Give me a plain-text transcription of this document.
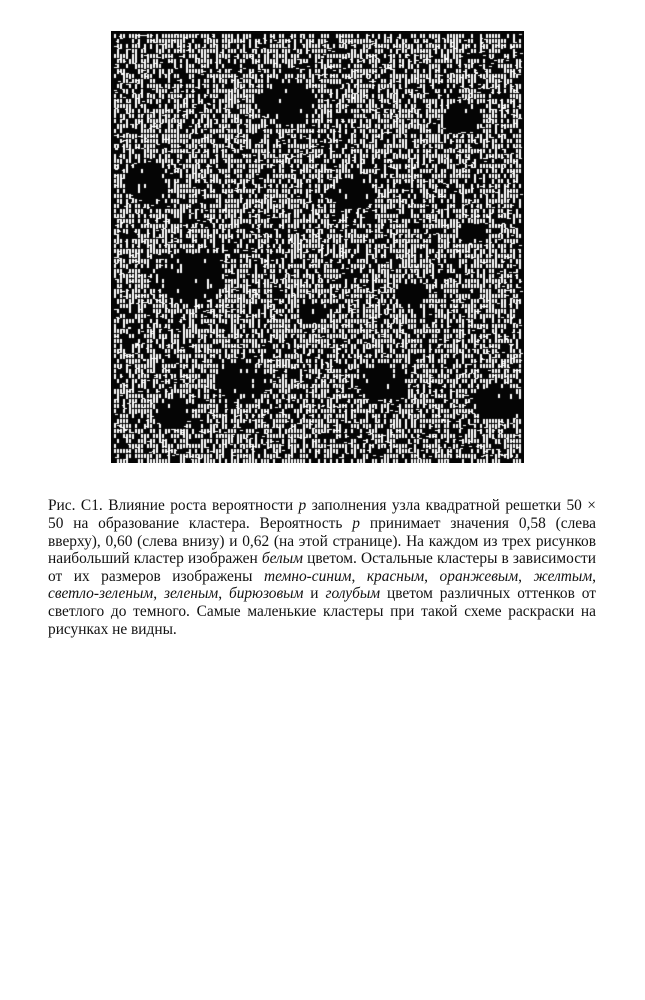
Рис. С1. Влияние роста вероятности p заполнения узла квадратной решетки 50 × 50 на образование кластера. Вероятность p принимает значения 0,58 (слева вверху), 0,60 (слева внизу) и 0,62 (на этой странице). На каждом из трех рисунков наибольший кластер изображен белым цветом. Остальные кластеры в зависимости от их размеров изображены темно-синим, красным, оранжевым, желтым, светло-зеленым, зеленым, бирюзовым и голубым цветом различных оттенков от светлого до темного. Самые маленькие кластеры при такой схеме раскраски на рисунках не видны.
